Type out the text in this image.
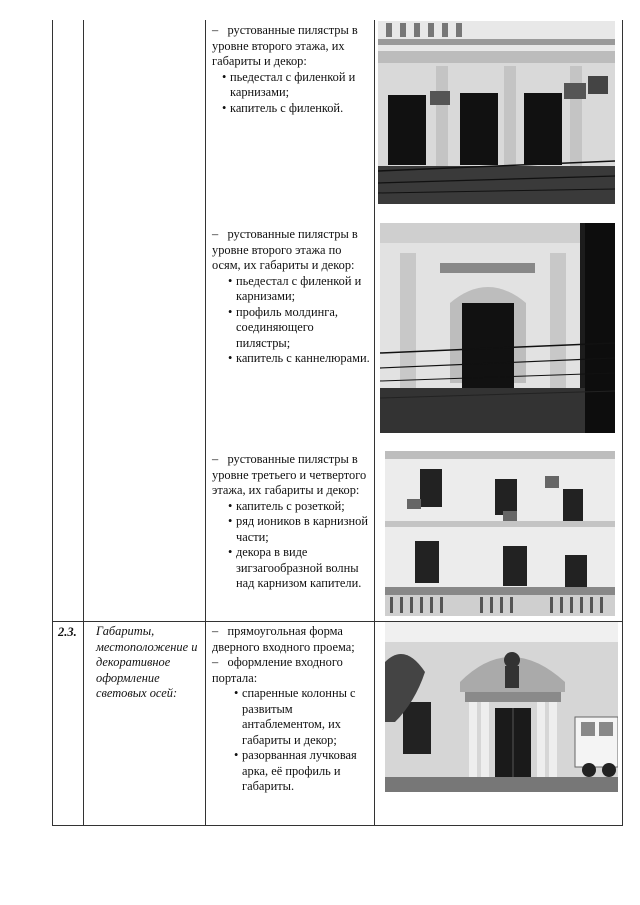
–   рустованные пилястры в уровне второго этажа, их габариты и декор:

• пьедестал с филенкой и карнизами;
• капитель с филенкой.

–   рустованные пилястры в уровне второго этажа по осям, их габариты и декор:

• пьедестал с филенкой и карнизами;
• профиль молдинга, соединяющего пилястры;
• капитель с каннелюрами.

–   рустованные пилястры в уровне третьего и четвертого этажа, их габариты и декор:

• капитель с розеткой;
• ряд иоников в карнизной части;
• декора в виде зигзагообразной волны над карнизом капители.
2.3. Габариты, местоположение и декоративное оформление световых осей:

–   прямоугольная форма дверного входного проема;

–   оформление входного портала:

• спаренные колонны с развитым антаблементом, их габариты и декор;
• разорванная лучковая арка, её профиль и габариты.
